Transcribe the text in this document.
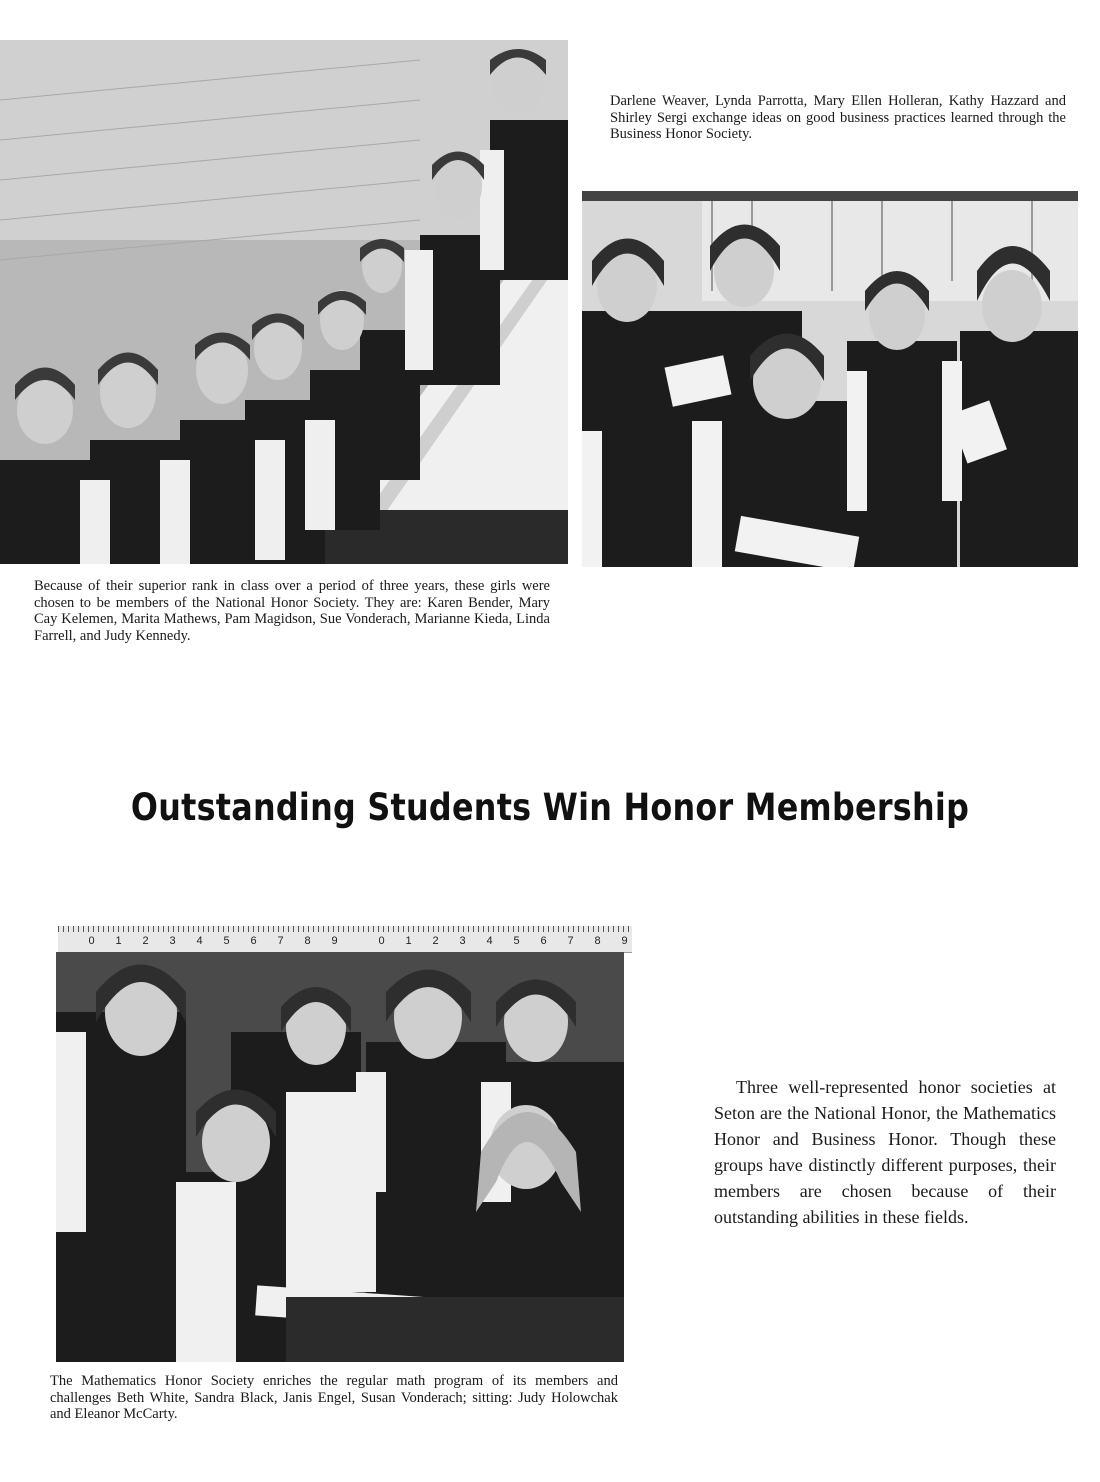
Darlene Weaver, Lynda Parrotta, Mary Ellen Holleran, Kathy Hazzard and Shirley Sergi exchange ideas on good business practices learned through the Business Honor Society.
Because of their superior rank in class over a period of three years, these girls were chosen to be members of the National Honor Society. They are: Karen Bender, Mary Cay Kelemen, Marita Mathews, Pam Magidson, Sue Vonderach, Marianne Kieda, Linda Farrell, and Judy Kennedy.
Outstanding Students Win Honor Membership
0	1	2	3	4	5	6	7	8	9	0	1	2	3	4	5	6	7	8	9
The Mathematics Honor Society enriches the regular math program of its members and challenges Beth White, Sandra Black, Janis Engel, Susan Vonderach; sitting: Judy Holowchak and Eleanor McCarty.
Three well-represented honor societies at Seton are the National Honor, the Mathematics Honor and Business Honor. Though these groups have distinctly different purposes, their members are chosen because of their outstanding abilities in these fields.
